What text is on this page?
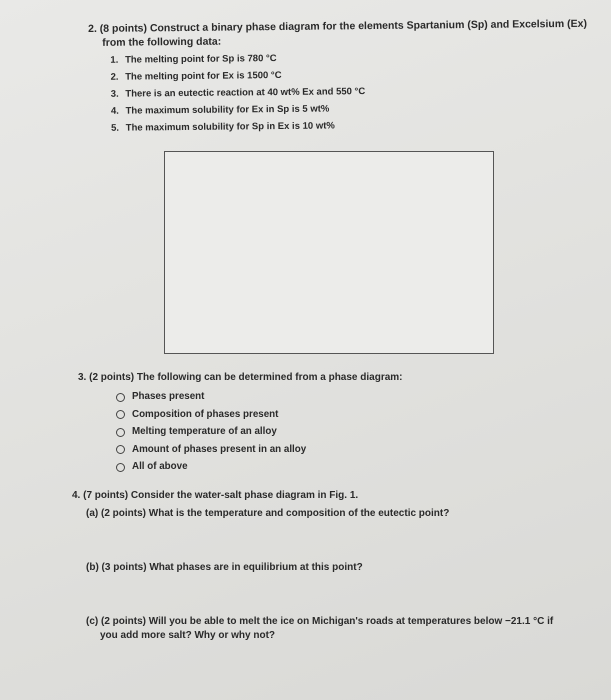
2. (8 points) Construct a binary phase diagram for the elements Spartanium (Sp) and Excelsium (Ex)
from the following data:
1. The melting point for Sp is 780 °C
2. The melting point for Ex is 1500 °C
3. There is an eutectic reaction at 40 wt% Ex and 550 °C
4. The maximum solubility for Ex in Sp is 5 wt%
5. The maximum solubility for Sp in Ex is 10 wt%
3. (2 points) The following can be determined from a phase diagram:
Phases present
Composition of phases present
Melting temperature of an alloy
Amount of phases present in an alloy
All of above
4. (7 points) Consider the water-salt phase diagram in Fig. 1.
(a) (2 points) What is the temperature and composition of the eutectic point?
(b) (3 points) What phases are in equilibrium at this point?
(c) (2 points) Will you be able to melt the ice on Michigan's roads at temperatures below −21.1 °C if
you add more salt? Why or why not?
